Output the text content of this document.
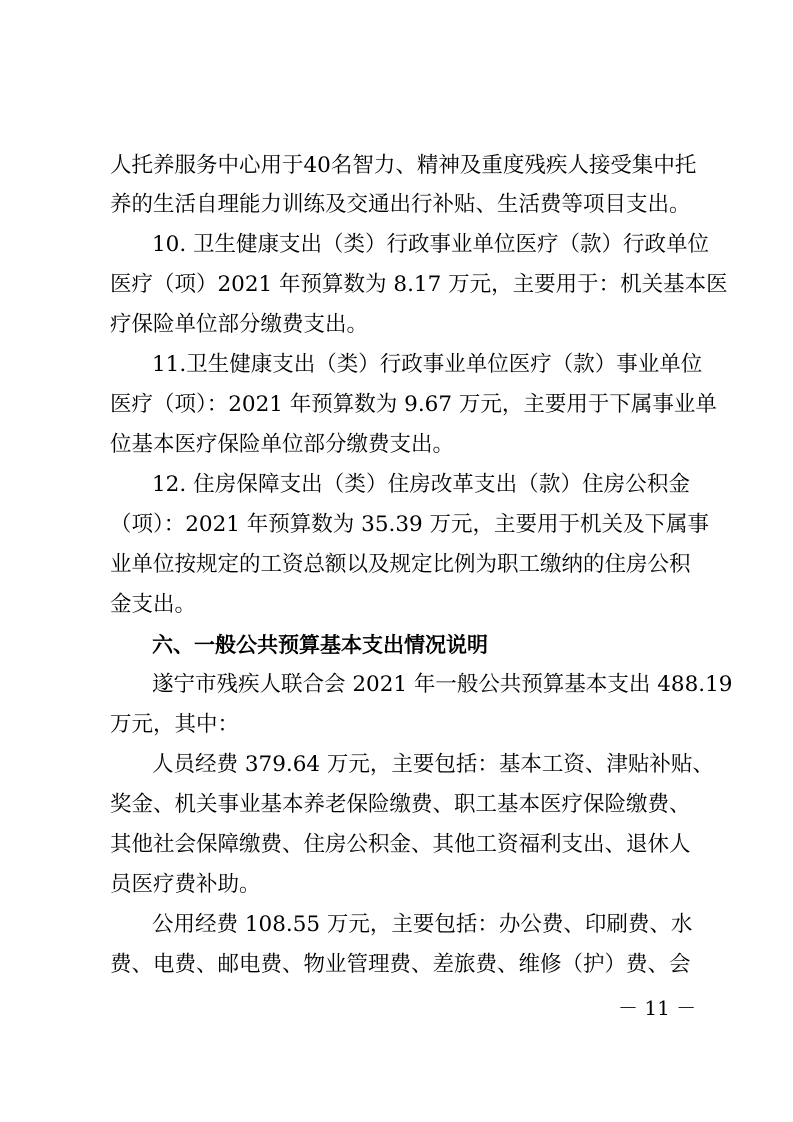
人托养服务中心用于40名智力、精神及重度残疾人接受集中托
养的生活自理能力训练及交通出行补贴、生活费等项目支出。
10. 卫生健康支出（类）行政事业单位医疗（款）行政单位
医疗（项）2021 年预算数为 8.17 万元，主要用于：机关基本医
疗保险单位部分缴费支出。
11.卫生健康支出（类）行政事业单位医疗（款）事业单位
医疗（项）：2021 年预算数为 9.67 万元，主要用于下属事业单
位基本医疗保险单位部分缴费支出。
12. 住房保障支出（类）住房改革支出（款）住房公积金
（项）：2021 年预算数为 35.39 万元，主要用于机关及下属事
业单位按规定的工资总额以及规定比例为职工缴纳的住房公积
金支出。
六、一般公共预算基本支出情况说明
遂宁市残疾人联合会 2021 年一般公共预算基本支出 488.19
万元，其中：
人员经费 379.64 万元，主要包括：基本工资、津贴补贴、
奖金、机关事业基本养老保险缴费、职工基本医疗保险缴费、
其他社会保障缴费、住房公积金、其他工资福利支出、退休人
员医疗费补助。
公用经费 108.55 万元，主要包括：办公费、印刷费、水
费、电费、邮电费、物业管理费、差旅费、维修（护）费、会
－ 11 －
